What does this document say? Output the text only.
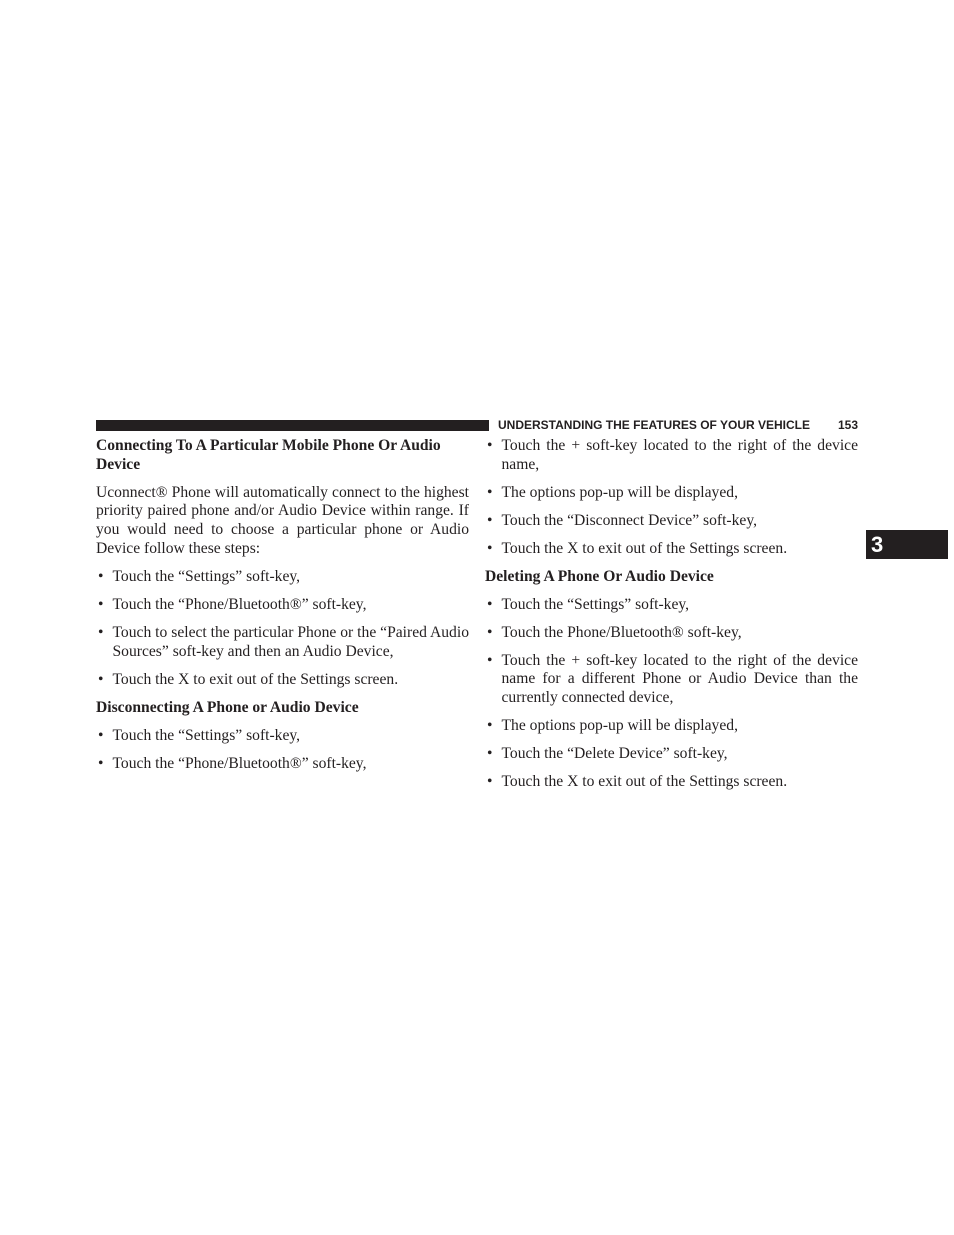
UNDERSTANDING THE FEATURES OF YOUR VEHICLE 153
3
Connecting To A Particular Mobile Phone Or Audio Device

Uconnect® Phone will automatically connect to the highest priority paired phone and/or Audio Device within range. If you would need to choose a particular phone or Audio Device follow these steps:

• Touch the “Settings” soft-key,
• Touch the “Phone/Bluetooth®” soft-key,
• Touch to select the particular Phone or the “Paired Audio Sources” soft-key and then an Audio Device,
• Touch the X to exit out of the Settings screen.
Disconnecting A Phone or Audio Device
• Touch the “Settings” soft-key,
• Touch the “Phone/Bluetooth®” soft-key,
• Touch the + soft-key located to the right of the device name,
• The options pop-up will be displayed,
• Touch the “Disconnect Device” soft-key,
• Touch the X to exit out of the Settings screen.
Deleting A Phone Or Audio Device
• Touch the “Settings” soft-key,
• Touch the Phone/Bluetooth® soft-key,
• Touch the + soft-key located to the right of the device name for a different Phone or Audio Device than the currently connected device,
• The options pop-up will be displayed,
• Touch the “Delete Device” soft-key,
• Touch the X to exit out of the Settings screen.
